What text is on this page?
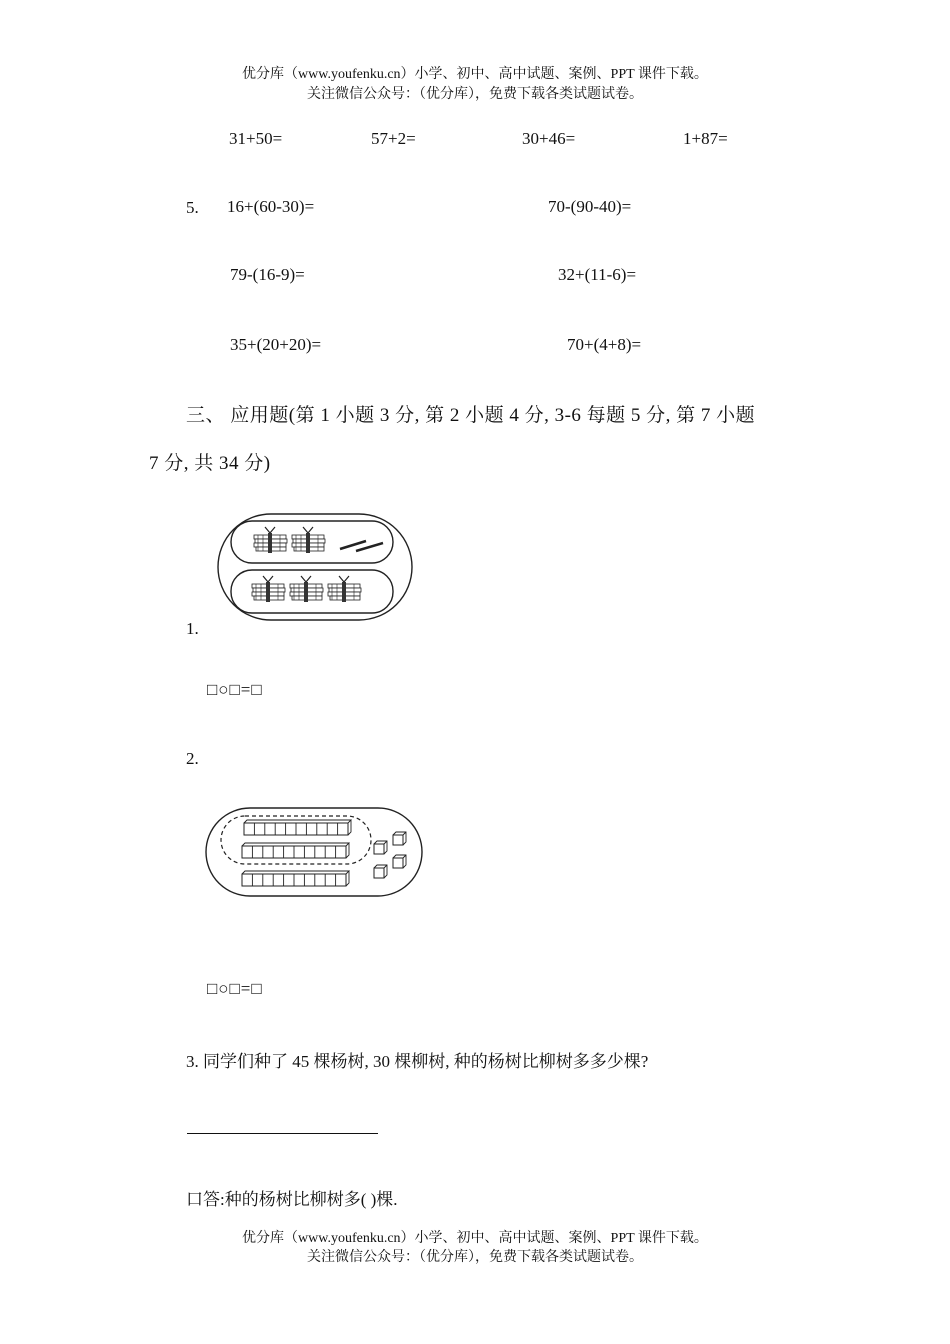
优分库（www.youfenku.cn）小学、初中、高中试题、案例、PPT 课件下载。
关注微信公众号：（优分库），免费下载各类试题试卷。
31+50=	57+2=	30+46=	1+87=
5. 16+(60-30)=	70-(90-40)=
79-(16-9)=	32+(11-6)=
35+(20+20)=	70+(4+8)=
三、 应用题(第 1 小题 3 分, 第 2 小题 4 分, 3-6 每题 5 分, 第 7 小题
7 分, 共 34 分)
1.
□○□=□
2.
□○□=□
3. 同学们种了 45 棵杨树, 30 棵柳树, 种的杨树比柳树多多少棵?
口答:种的杨树比柳树多( )棵.
优分库（www.youfenku.cn）小学、初中、高中试题、案例、PPT 课件下载。
关注微信公众号：（优分库），免费下载各类试题试卷。
